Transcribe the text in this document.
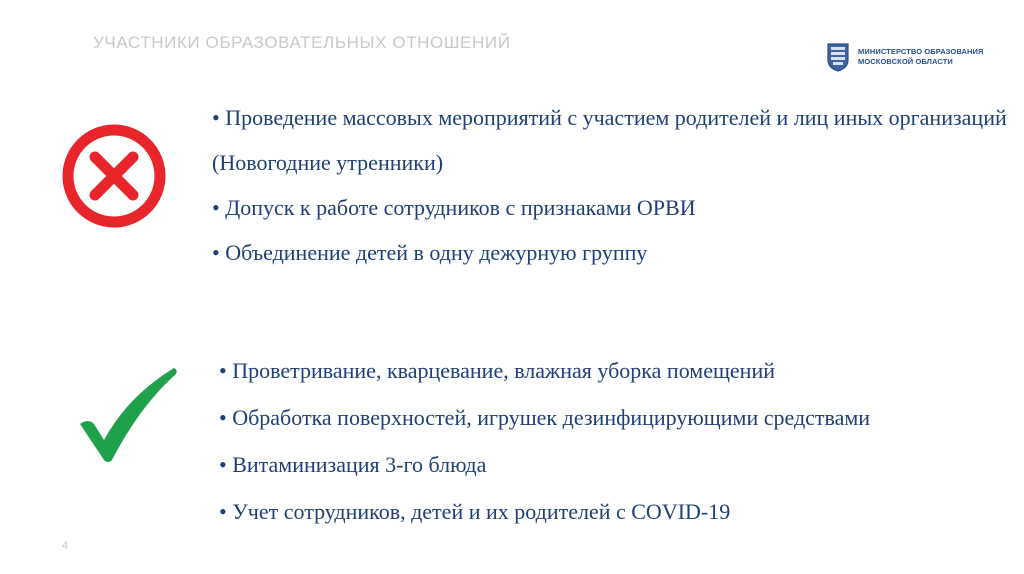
УЧАСТНИКИ ОБРАЗОВАТЕЛЬНЫХ ОТНОШЕНИЙ	МИНИСТЕРСТВО ОБРАЗОВАНИЯ
МОСКОВСКОЙ ОБЛАСТИ
• Проведение массовых мероприятий с участием родителей и лиц иных организаций (Новогодние утренники)
• Допуск к работе сотрудников с признаками ОРВИ
• Объединение детей в одну дежурную группу
• Проветривание, кварцевание, влажная уборка помещений
• Обработка поверхностей, игрушек дезинфицирующими средствами
• Витаминизация 3-го блюда
• Учет сотрудников, детей и их родителей с COVID-19
4
